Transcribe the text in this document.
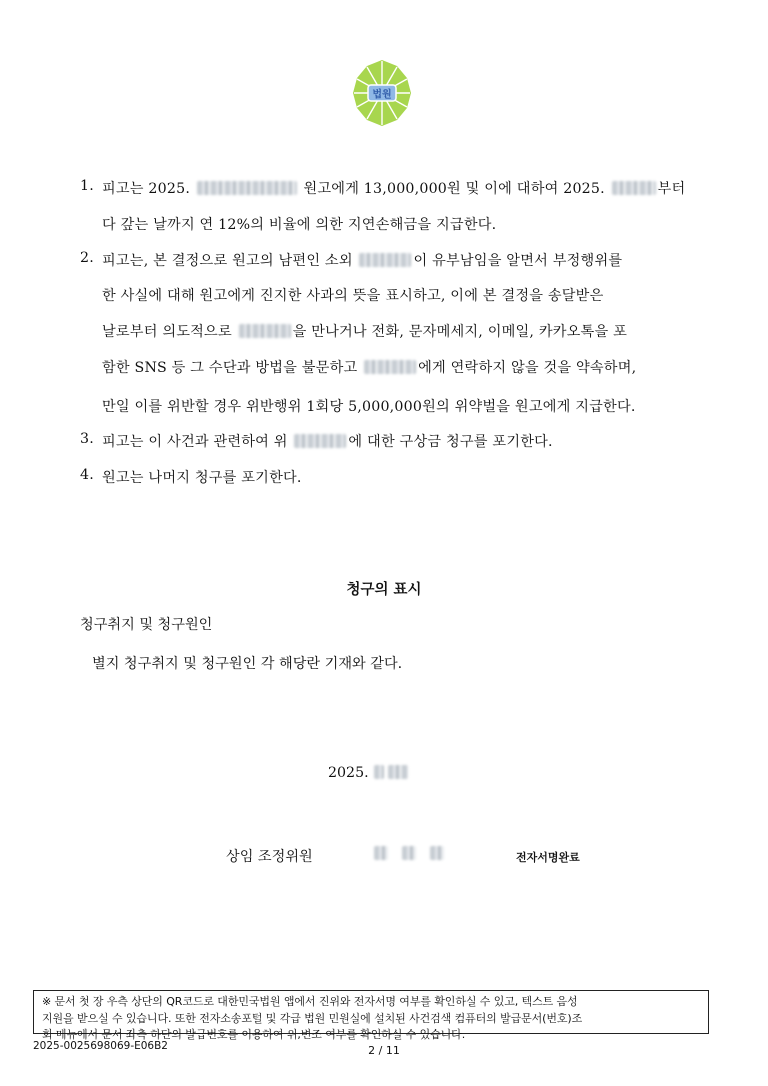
법원
1. 피고는 2025.	원고에게 13,000,000원 및 이에 대하여 2025.	부터
다 갚는 날까지 연 12%의 비율에 의한 지연손해금을 지급한다.
2. 피고는, 본 결정으로 원고의 남편인 소외	이 유부남임을 알면서 부정행위를
한 사실에 대해 원고에게 진지한 사과의 뜻을 표시하고, 이에 본 결정을 송달받은
날로부터 의도적으로	을 만나거나 전화, 문자메세지, 이메일, 카카오톡을 포
함한 SNS 등 그 수단과 방법을 불문하고	에게 연락하지 않을 것을 약속하며,
만일 이를 위반할 경우 위반행위 1회당 5,000,000원의 위약벌을 원고에게 지급한다.
3. 피고는 이 사건과 관련하여 위	에 대한 구상금 청구를 포기한다.
4. 원고는 나머지 청구를 포기한다.
청구의 표시
청구취지 및 청구원인
별지 청구취지 및 청구원인 각 해당란 기재와 같다.
2025.
상임 조정위원	전자서명완료
※ 문서 첫 장 우측 상단의 QR코드로 대한민국법원 앱에서 진위와 전자서명 여부를 확인하실 수 있고, 텍스트 음성
지원을 받으실 수 있습니다. 또한 전자소송포털 및 각급 법원 민원실에 설치된 사건검색 컴퓨터의 발급문서(번호)조
회 메뉴에서 문서 좌측 하단의 발급번호를 이용하여 위,변조 여부를 확인하실 수 있습니다.
2025-0025698069-E06B2	2 / 11
